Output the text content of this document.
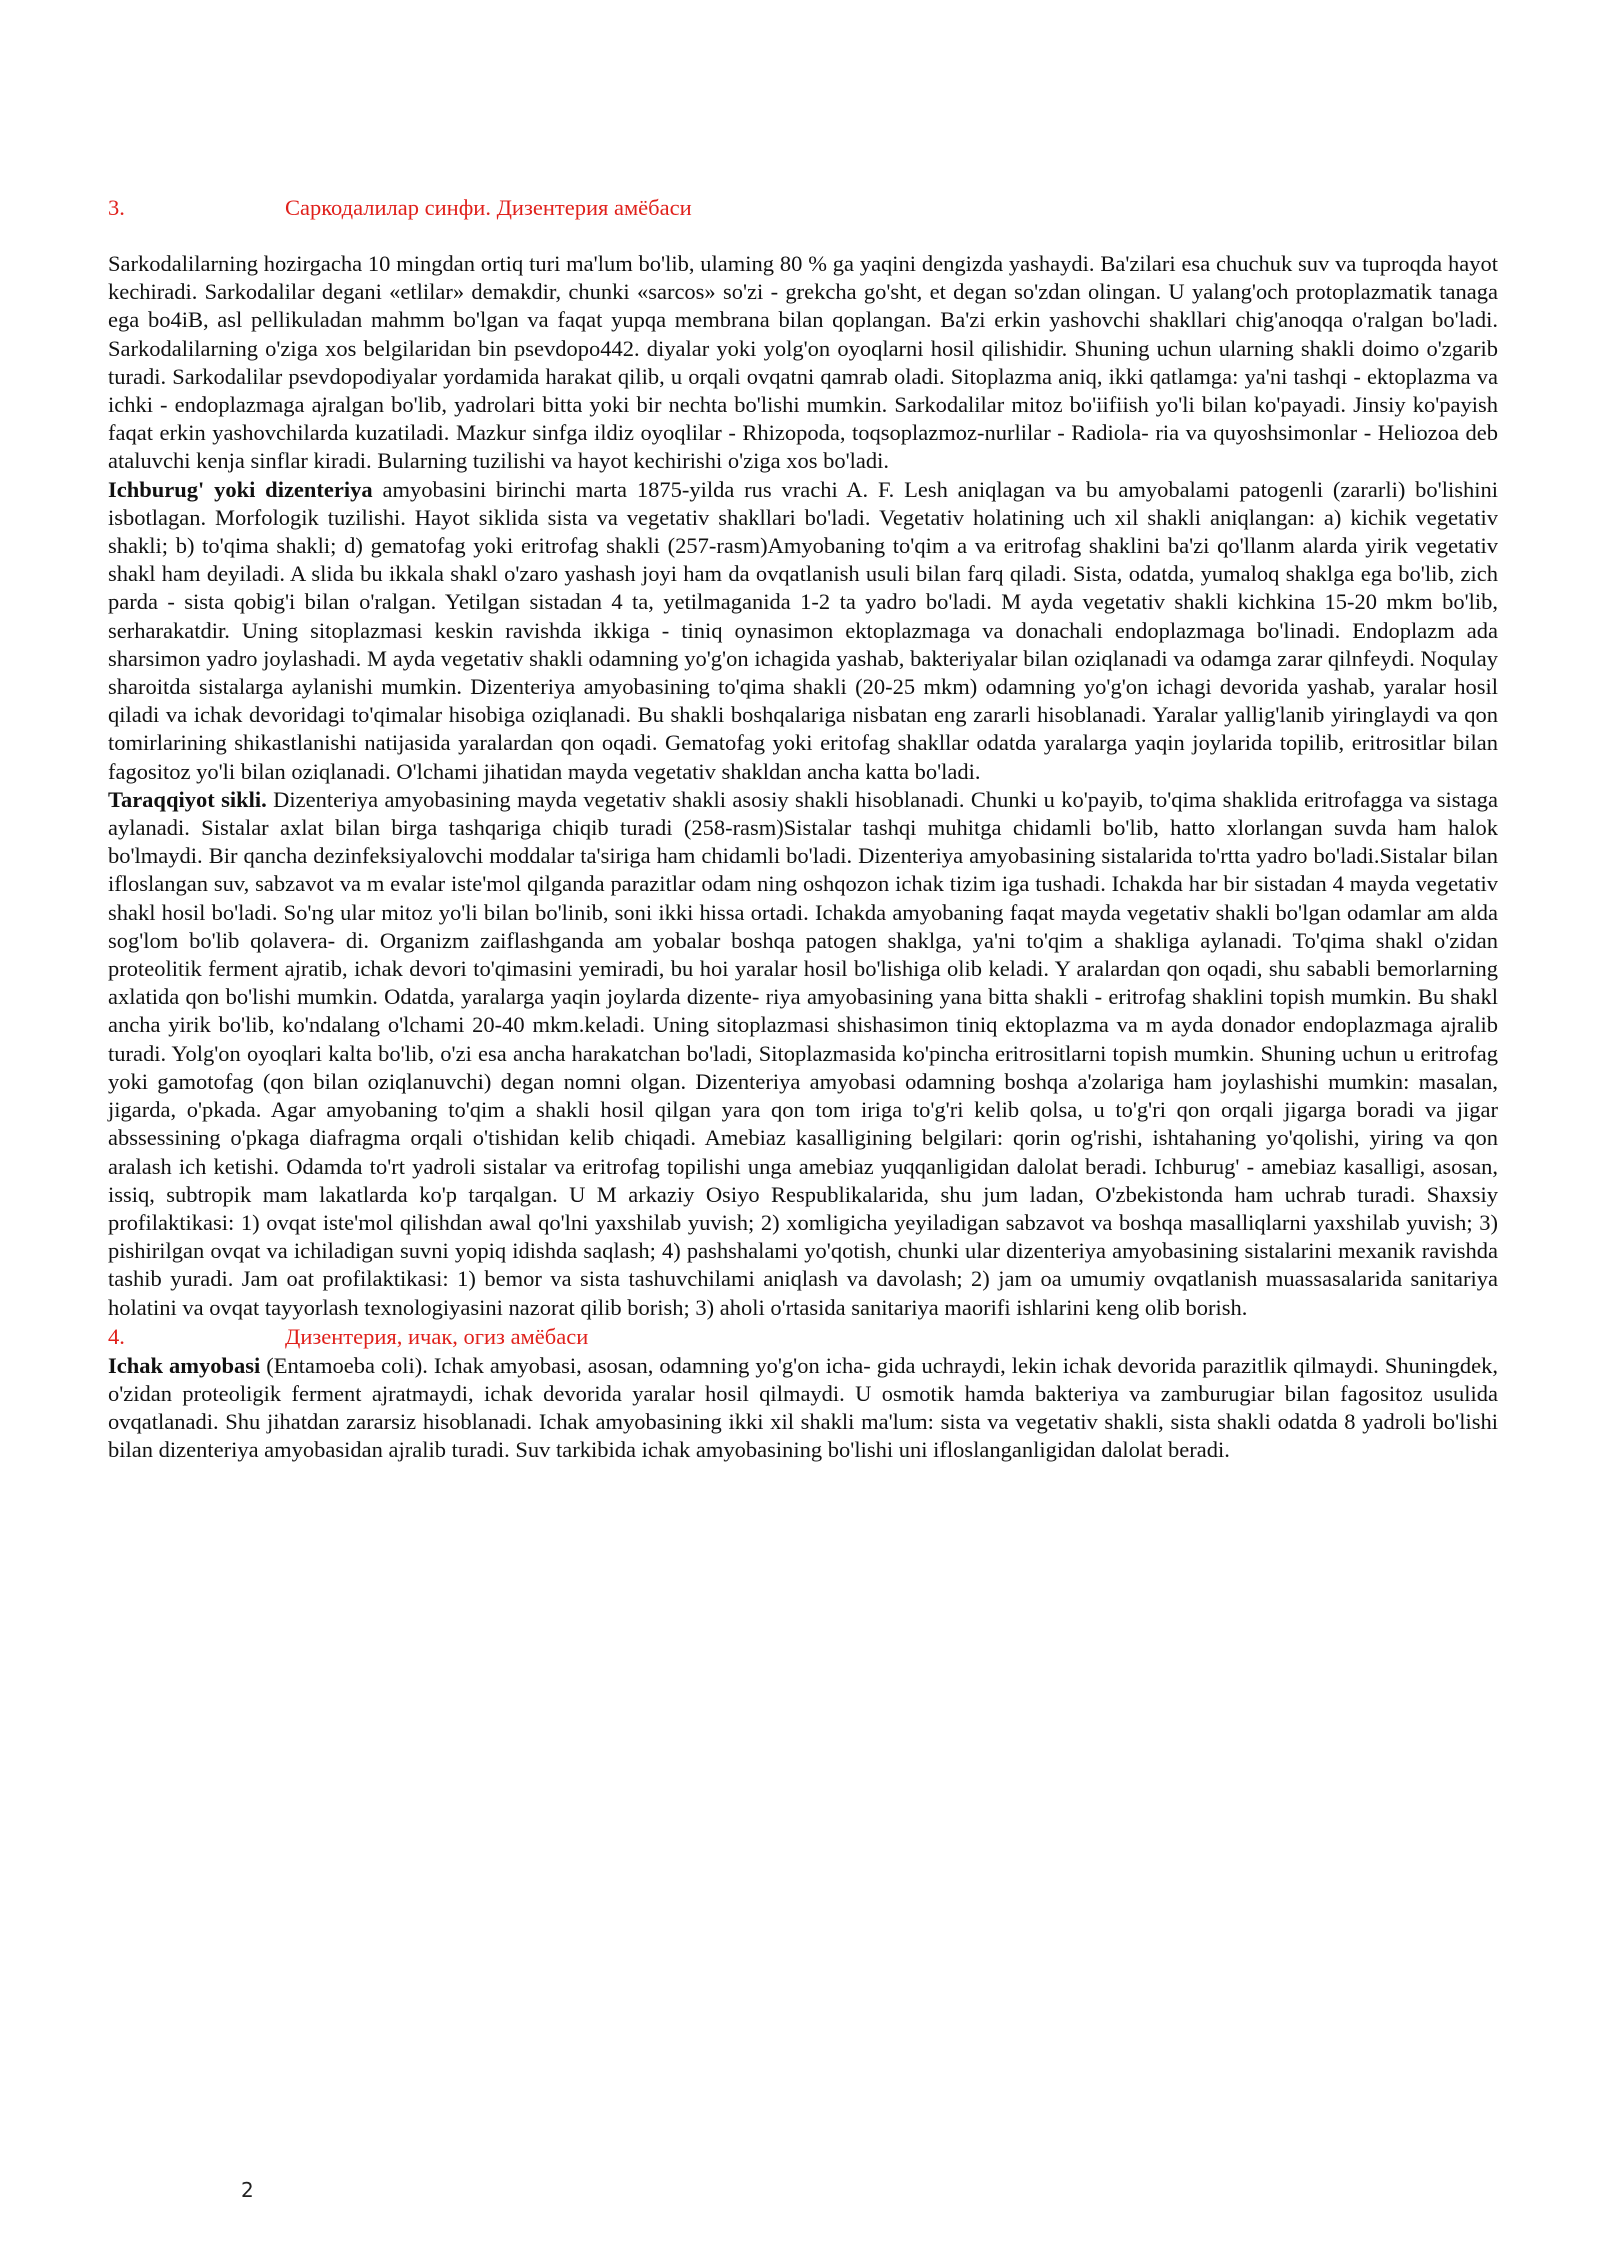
3.	Саркодалилар синфи. Дизентерия амёбаси

Sarkodalilarning hozirgacha 10 mingdan ortiq turi ma'lum bo'lib, ulaming 80 % ga yaqini dengizda yashaydi. Ba'zilari esa chuchuk suv va tuproqda hayot kechiradi. Sarkodalilar degani «etlilar» demakdir, chunki «sarcos» so'zi - grekcha go'sht, et degan so'zdan olingan. U yalang'och protoplazmatik tanaga ega bo4iB, asl pellikuladan mahmm bo'lgan va faqat yupqa membrana bilan qoplangan. Ba'zi erkin yashovchi shakllari chig'anoqqa o'ralgan bo'ladi. Sarkodalilarning o'ziga xos belgilaridan bin psevdopo442. diyalar yoki yolg'on oyoqlarni hosil qilishidir. Shuning uchun ularning shakli doimo o'zgarib turadi. Sarkodalilar psevdopodiyalar yordamida harakat qilib, u orqali ovqatni qamrab oladi. Sitoplazma aniq, ikki qatlamga: ya'ni tashqi - ektoplazma va ichki - endoplazmaga ajralgan bo'lib, yadrolari bitta yoki bir nechta bo'lishi mumkin. Sarkodalilar mitoz bo'iifiish yo'li bilan ko'payadi. Jinsiy ko'payish faqat erkin yashovchilarda kuzatiladi. Mazkur sinfga ildiz oyoqlilar - Rhizopoda, toqsoplazmoz-nurlilar - Radiola- ria va quyoshsimonlar - Heliozoa deb ataluvchi kenja sinflar kiradi. Bularning tuzilishi va hayot kechirishi o'ziga xos bo'ladi.

Ichburug' yoki dizenteriya amyobasini birinchi marta 1875-yilda rus vrachi A. F. Lesh aniqlagan va bu amyobalami patogenli (zararli) bo'lishini isbotlagan. Morfologik tuzilishi. Hayot siklida sista va vegetativ shakllari bo'ladi. Vegetativ holatining uch xil shakli aniqlangan: a) kichik vegetativ shakli; b) to'qima shakli; d) gematofag yoki eritrofag shakli (257-rasm)Amyobaning to'qim a va eritrofag shaklini ba'zi qo'llanm alarda yirik vegetativ shakl ham deyiladi. A slida bu ikkala shakl o'zaro yashash joyi ham da ovqatlanish usuli bilan farq qiladi. Sista, odatda, yumaloq shaklga ega bo'lib, zich parda - sista qobig'i bilan o'ralgan. Yetilgan sistadan 4 ta, yetilmaganida 1-2 ta yadro bo'ladi. M ayda vegetativ shakli kichkina 15-20 mkm bo'lib, serharakatdir. Uning sitoplazmasi keskin ravishda ikkiga - tiniq oynasimon ektoplazmaga va donachali endoplazmaga bo'linadi. Endoplazm ada sharsimon yadro joylashadi. M ayda vegetativ shakli odamning yo'g'on ichagida yashab, bakteriyalar bilan oziqlanadi va odamga zarar qilnfeydi. Noqulay sharoitda sistalarga aylanishi mumkin. Dizenteriya amyobasining to'qima shakli (20-25 mkm) odamning yo'g'on ichagi devorida yashab, yaralar hosil qiladi va ichak devoridagi to'qimalar hisobiga oziqlanadi. Bu shakli boshqalariga nisbatan eng zararli hisoblanadi. Yaralar yallig'lanib yiringlaydi va qon tomirlarining shikastlanishi natijasida yaralardan qon oqadi. Gematofag yoki eritofag shakllar odatda yaralarga yaqin joylarida topilib, eritrositlar bilan fagositoz yo'li bilan oziqlanadi. O'lchami jihatidan mayda vegetativ shakldan ancha katta bo'ladi.

Taraqqiyot sikli. Dizenteriya amyobasining mayda vegetativ shakli asosiy shakli hisoblanadi. Chunki u ko'payib, to'qima shaklida eritrofagga va sistaga aylanadi. Sistalar axlat bilan birga tashqariga chiqib turadi (258-rasm)Sistalar tashqi muhitga chidamli bo'lib, hatto xlorlangan suvda ham halok bo'lmaydi. Bir qancha dezinfeksiyalovchi moddalar ta'siriga ham chidamli bo'ladi. Dizenteriya amyobasining sistalarida to'rtta yadro bo'ladi.Sistalar bilan ifloslangan suv, sabzavot va m evalar iste'mol qilganda parazitlar odam ning oshqozon ichak tizim iga tushadi. Ichakda har bir sistadan 4 mayda vegetativ shakl hosil bo'ladi. So'ng ular mitoz yo'li bilan bo'linib, soni ikki hissa ortadi. Ichakda amyobaning faqat mayda vegetativ shakli bo'lgan odamlar am alda sog'lom bo'lib qolavera- di. Organizm zaiflashganda am yobalar boshqa patogen shaklga, ya'ni to'qim a shakliga aylanadi. To'qima shakl o'zidan proteolitik ferment ajratib, ichak devori to'qimasini yemiradi, bu hoi yaralar hosil bo'lishiga olib keladi. Y aralardan qon oqadi, shu sababli bemorlarning axlatida qon bo'lishi mumkin. Odatda, yaralarga yaqin joylarda dizente- riya amyobasining yana bitta shakli - eritrofag shaklini topish mumkin. Bu shakl ancha yirik bo'lib, ko'ndalang o'lchami 20-40 mkm.keladi. Uning sitoplazmasi shishasimon tiniq ektoplazma va m ayda donador endoplazmaga ajralib turadi. Yolg'on oyoqlari kalta bo'lib, o'zi esa ancha harakatchan bo'ladi, Sitoplazmasida ko'pincha eritrositlarni topish mumkin. Shuning uchun u eritrofag yoki gamotofag (qon bilan oziqlanuvchi) degan nomni olgan. Dizenteriya amyobasi odamning boshqa a'zolariga ham joylashishi mumkin: masalan, jigarda, o'pkada. Agar amyobaning to'qim a shakli hosil qilgan yara qon tom iriga to'g'ri kelib qolsa, u to'g'ri qon orqali jigarga boradi va jigar abssessining o'pkaga diafragma orqali o'tishidan kelib chiqadi. Amebiaz kasalligining belgilari: qorin og'rishi, ishtahaning yo'qolishi, yiring va qon aralash ich ketishi. Odamda to'rt yadroli sistalar va eritrofag topilishi unga amebiaz yuqqanligidan dalolat beradi. Ichburug' - amebiaz kasalligi, asosan, issiq, subtropik mam lakatlarda ko'p tarqalgan. U M arkaziy Osiyo Respublikalarida, shu jum ladan, O'zbekistonda ham uchrab turadi. Shaxsiy profilaktikasi: 1) ovqat iste'mol qilishdan awal qo'lni yaxshilab yuvish; 2) xomligicha yeyiladigan sabzavot va boshqa masalliqlarni yaxshilab yuvish; 3) pishirilgan ovqat va ichiladigan suvni yopiq idishda saqlash; 4) pashshalami yo'qotish, chunki ular dizenteriya amyobasining sistalarini mexanik ravishda tashib yuradi. Jam oat profilaktikasi: 1) bemor va sista tashuvchilami aniqlash va davolash; 2) jam oa umumiy ovqatlanish muassasalarida sanitariya holatini va ovqat tayyorlash texnologiyasini nazorat qilib borish; 3) aholi o'rtasida sanitariya maorifi ishlarini keng olib borish.

4.	Дизентерия, ичак, огиз амёбаси

Ichak amyobasi (Entamoeba coli). Ichak amyobasi, asosan, odamning yo'g'on icha- gida uchraydi, lekin ichak devorida parazitlik qilmaydi. Shuningdek, o'zidan proteoligik ferment ajratmaydi, ichak devorida yaralar hosil qilmaydi. U osmotik hamda bakteriya va zamburugiar bilan fagositoz usulida ovqatlanadi. Shu jihatdan zararsiz hisoblanadi. Ichak amyobasining ikki xil shakli ma'lum: sista va vegetativ shakli, sista shakli odatda 8 yadroli bo'lishi bilan dizenteriya amyobasidan ajralib turadi. Suv tarkibida ichak amyobasining bo'lishi uni ifloslanganligidan dalolat beradi.

2
